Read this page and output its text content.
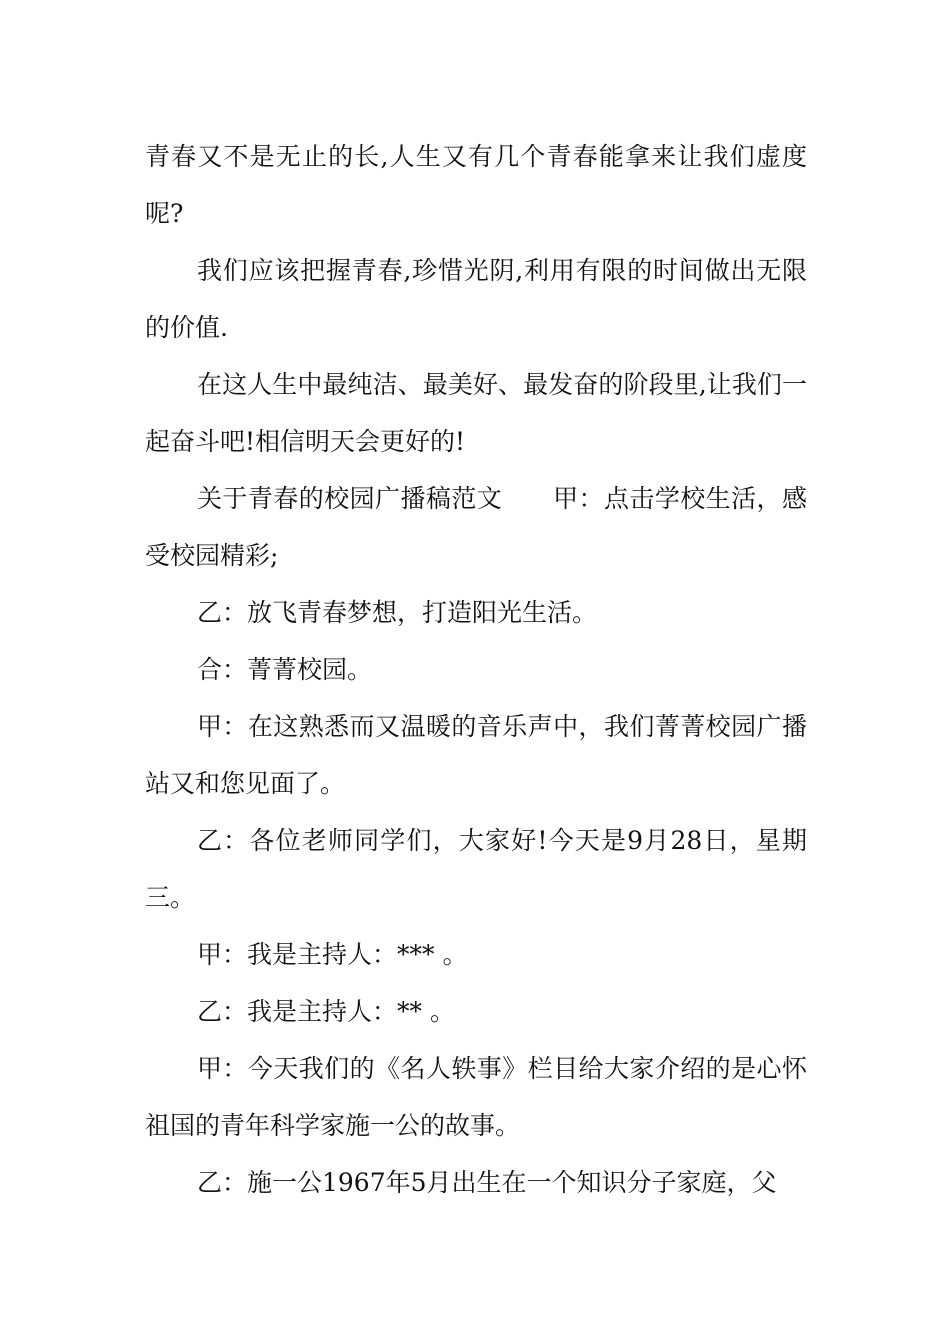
青春又不是无止的长,人生又有几个青春能拿来让我们虚度呢?

我们应该把握青春,珍惜光阴,利用有限的时间做出无限的价值.

在这人生中最纯洁、最美好、最发奋的阶段里,让我们一起奋斗吧!相信明天会更好的!

关于青春的校园广播稿范文　　甲：点击学校生活，感受校园精彩;

乙：放飞青春梦想，打造阳光生活。

合：菁菁校园。

甲：在这熟悉而又温暖的音乐声中，我们菁菁校园广播站又和您见面了。

乙：各位老师同学们，大家好!今天是9月28日，星期三。

甲：我是主持人：*** 。

乙：我是主持人：** 。

甲：今天我们的《名人轶事》栏目给大家介绍的是心怀祖国的青年科学家施一公的故事。

乙：施一公1967年5月出生在一个知识分子家庭，父
